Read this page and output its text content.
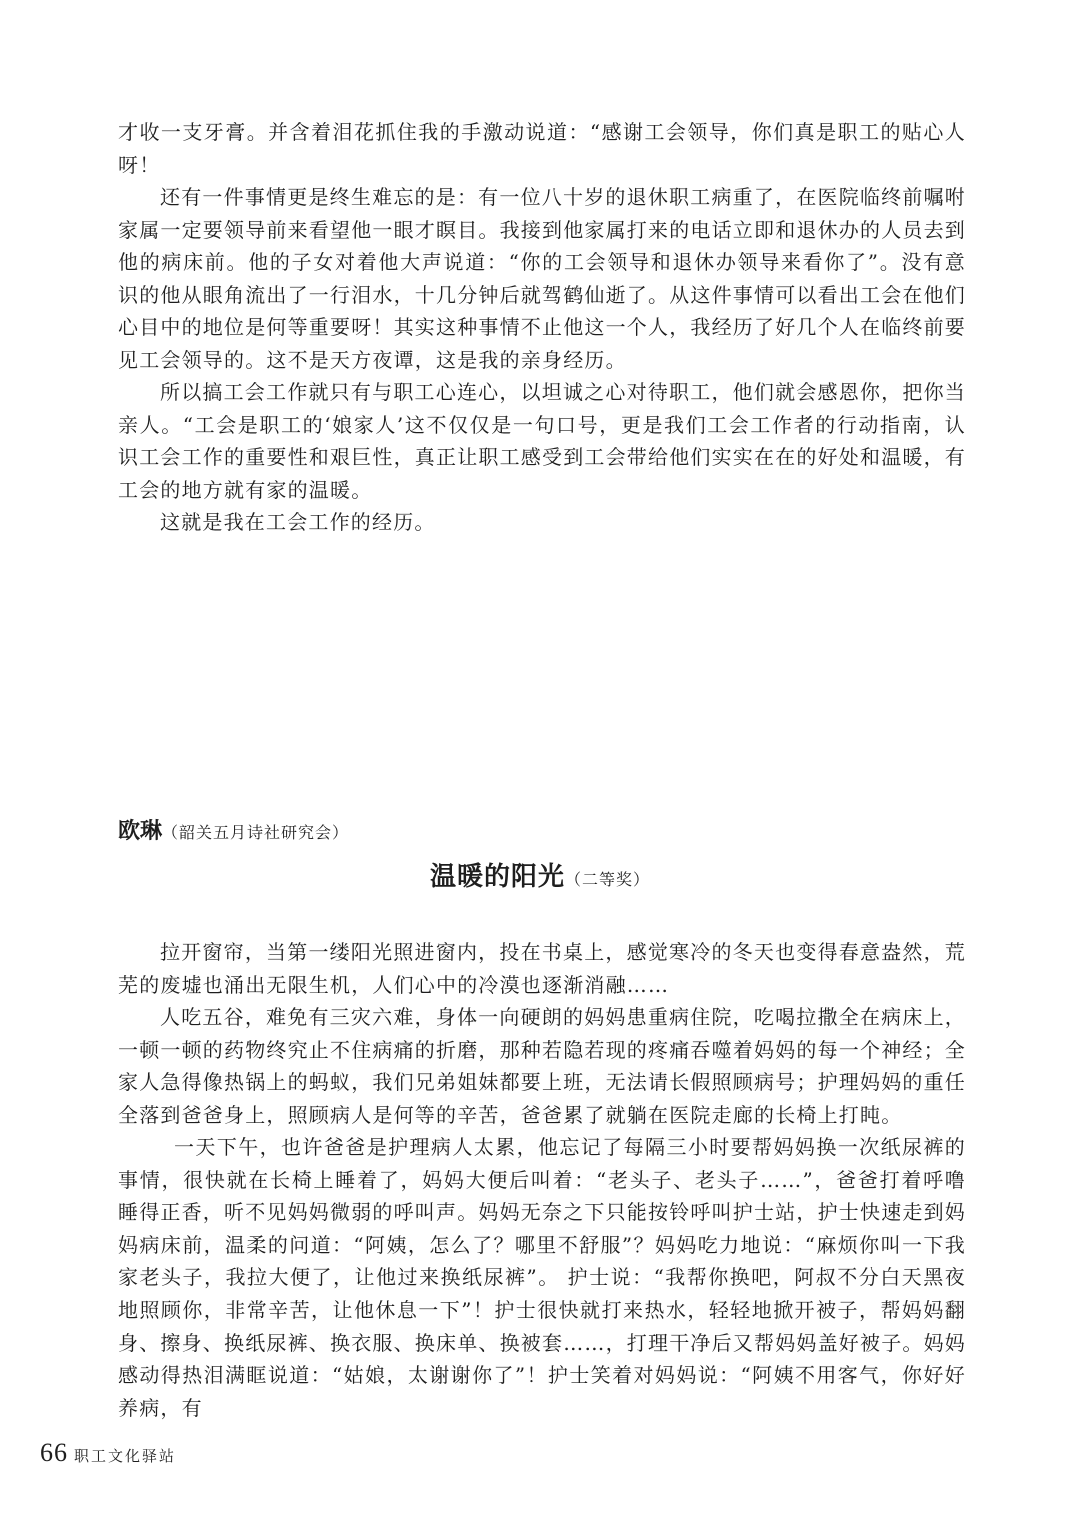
才收一支牙膏。并含着泪花抓住我的手激动说道：“感谢工会领导，你们真是职工的贴心人呀！

还有一件事情更是终生难忘的是：有一位八十岁的退休职工病重了，在医院临终前嘱咐家属一定要领导前来看望他一眼才瞑目。我接到他家属打来的电话立即和退休办的人员去到他的病床前。他的子女对着他大声说道：“你的工会领导和退休办领导来看你了”。没有意识的他从眼角流出了一行泪水，十几分钟后就驾鹤仙逝了。从这件事情可以看出工会在他们心目中的地位是何等重要呀！其实这种事情不止他这一个人，我经历了好几个人在临终前要见工会领导的。这不是天方夜谭，这是我的亲身经历。

所以搞工会工作就只有与职工心连心，以坦诚之心对待职工，他们就会感恩你，把你当亲人。“工会是职工的‘娘家人’这不仅仅是一句口号，更是我们工会工作者的行动指南，认识工会工作的重要性和艰巨性，真正让职工感受到工会带给他们实实在在的好处和温暖，有工会的地方就有家的温暖。

这就是我在工会工作的经历。

欧琳（韶关五月诗社研究会）

温暖的阳光（二等奖）

拉开窗帘，当第一缕阳光照进窗内，投在书桌上，感觉寒冷的冬天也变得春意盎然，荒芜的废墟也涌出无限生机，人们心中的冷漠也逐渐消融……

人吃五谷，难免有三灾六难，身体一向硬朗的妈妈患重病住院，吃喝拉撒全在病床上，一顿一顿的药物终究止不住病痛的折磨，那种若隐若现的疼痛吞噬着妈妈的每一个神经；全家人急得像热锅上的蚂蚁，我们兄弟姐妹都要上班，无法请长假照顾病号；护理妈妈的重任全落到爸爸身上，照顾病人是何等的辛苦，爸爸累了就躺在医院走廊的长椅上打盹。

一天下午，也许爸爸是护理病人太累，他忘记了每隔三小时要帮妈妈换一次纸尿裤的事情，很快就在长椅上睡着了，妈妈大便后叫着：“老头子、老头子……”，爸爸打着呼噜睡得正香，听不见妈妈微弱的呼叫声。妈妈无奈之下只能按铃呼叫护士站，护士快速走到妈妈病床前，温柔的问道：“阿姨，怎么了？哪里不舒服”？妈妈吃力地说：“麻烦你叫一下我家老头子，我拉大便了，让他过来换纸尿裤”。 护士说：“我帮你换吧，阿叔不分白天黑夜地照顾你，非常辛苦，让他休息一下”！护士很快就打来热水，轻轻地掀开被子，帮妈妈翻身、擦身、换纸尿裤、换衣服、换床单、换被套……，打理干净后又帮妈妈盖好被子。妈妈感动得热泪满眶说道：“姑娘，太谢谢你了”！护士笑着对妈妈说：“阿姨不用客气，你好好养病，有

66 职工文化驿站
